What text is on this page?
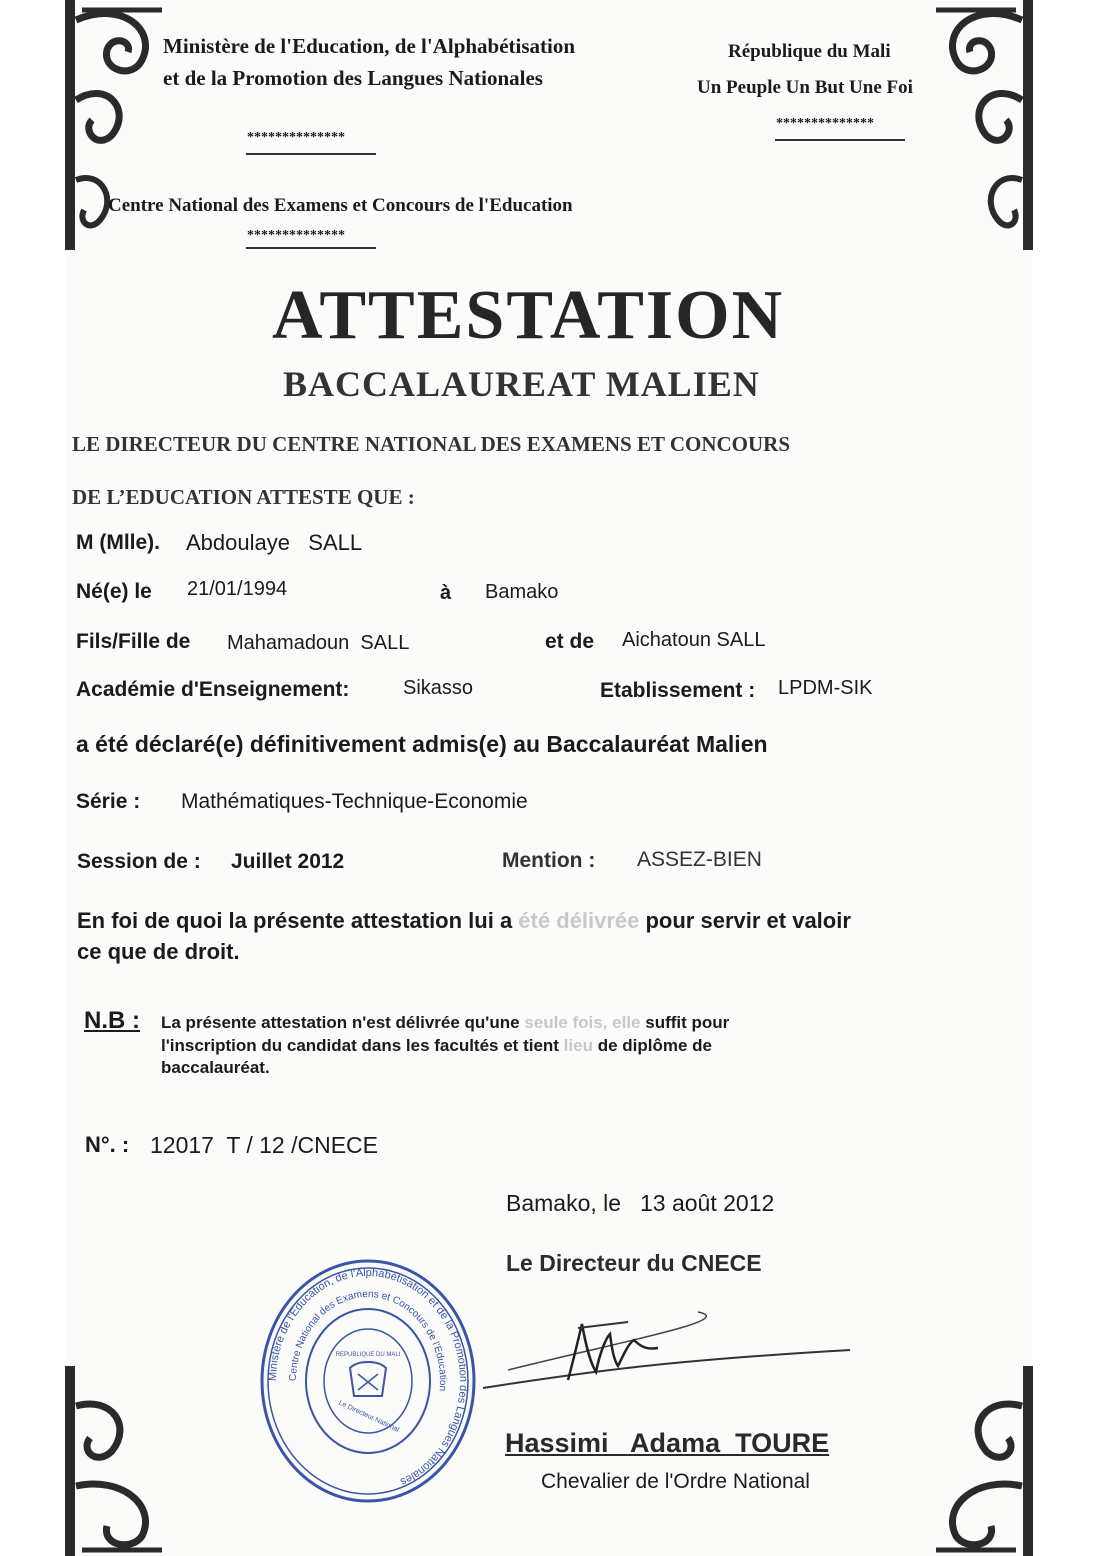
Ministère de l'Education, de l'Alphabétisation
et de la Promotion des Langues Nationales
République du Mali
Un Peuple Un But Une Foi
**************
**************
Centre National des Examens et Concours de l'Education
**************
ATTESTATION
BACCALAUREAT MALIEN
LE DIRECTEUR DU CENTRE NATIONAL DES EXAMENS ET CONCOURS
DE L’EDUCATION ATTESTE QUE :
M (Mlle). Abdoulaye   SALL
Né(e) le 21/01/1994	à Bamako
Fils/Fille de Mahamadoun  SALL	et de Aichatoun SALL
Académie d'Enseignement:	Sikasso	Etablissement : LPDM-SIK
a été déclaré(e) définitivement admis(e) au Baccalauréat Malien
Série : Mathématiques-Technique-Economie
Session de : Juillet 2012	Mention : ASSEZ-BIEN
En foi de quoi la présente attestation lui a été délivrée pour servir et valoir
ce que de droit.
N.B : La présente attestation n'est délivrée qu'une seule fois, elle suffit pour
l'inscription du candidat dans les facultés et tient lieu de diplôme de
baccalauréat.
N°. : 12017  T / 12 /CNECE
Bamako, le 13 août 2012
Le Directeur du CNECE
Hassimi   Adama  TOURE
Chevalier de l'Ordre National
Ministère de l'Education, de l'Alphabétisation et de la Promotion des Langues Nationales
Centre National des Examens et Concours de l'Education
REPUBLIQUE DU MALI
Le Directeur National
